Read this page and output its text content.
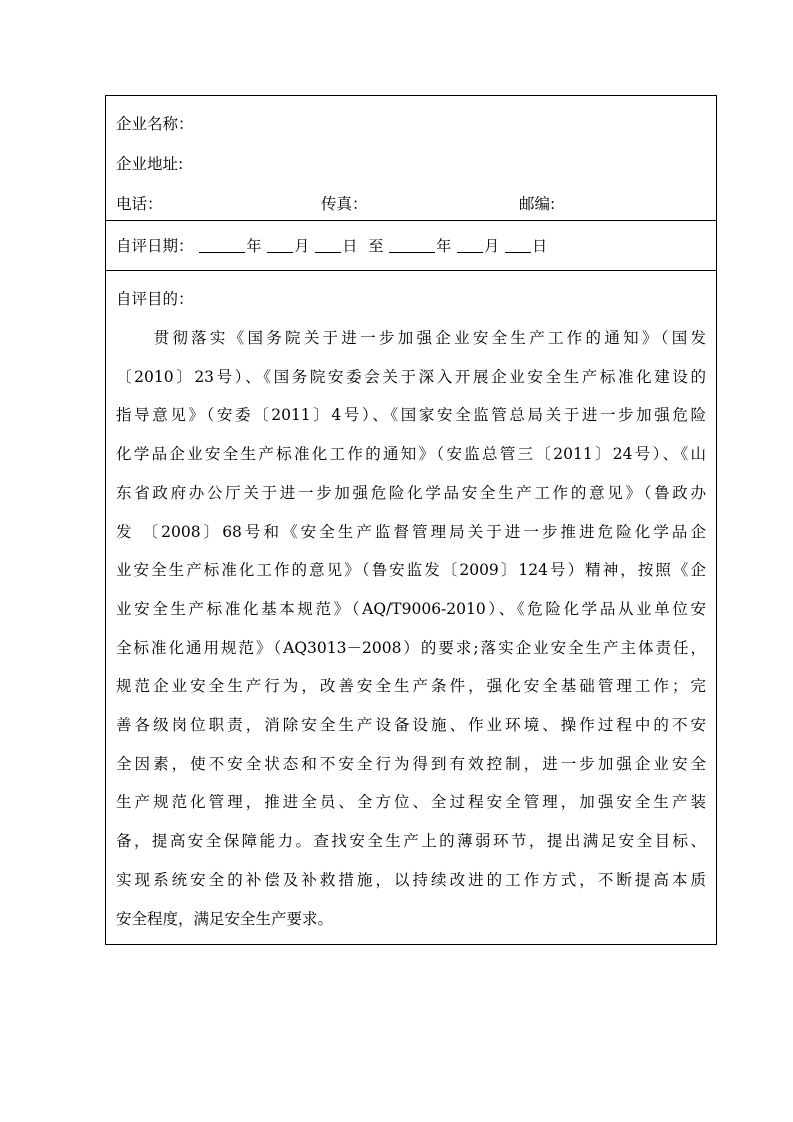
企业名称：
企业地址:
电话：	传真：	邮编:
自评日期：	年 月 日 至	年 月 日
自评目的：

　　贯彻落实《国务院关于进一步加强企业安全生产工作的通知》（国发
〔2010〕23号）、《国务院安委会关于深入开展企业安全生产标准化建设的
指导意见》（安委〔2011〕4号）、《国家安全监管总局关于进一步加强危险
化学品企业安全生产标准化工作的通知》（安监总管三〔2011〕24号）、《山
东省政府办公厅关于进一步加强危险化学品安全生产工作的意见》（鲁政办
发 〔2008〕68号和《安全生产监督管理局关于进一步推进危险化学品企
业安全生产标准化工作的意见》（鲁安监发〔2009〕124号）精神，按照《企
业安全生产标准化基本规范》（AQ/T9006-2010）、《危险化学品从业单位安
全标准化通用规范》（AQ3013－2008）的要求;落实企业安全生产主体责任，
规范企业安全生产行为，改善安全生产条件，强化安全基础管理工作；完
善各级岗位职责，消除安全生产设备设施、作业环境、操作过程中的不安
全因素，使不安全状态和不安全行为得到有效控制，进一步加强企业安全
生产规范化管理，推进全员、全方位、全过程安全管理，加强安全生产装
备，提高安全保障能力。查找安全生产上的薄弱环节，提出满足安全目标、
实现系统安全的补偿及补救措施，以持续改进的工作方式，不断提高本质
安全程度，满足安全生产要求。
